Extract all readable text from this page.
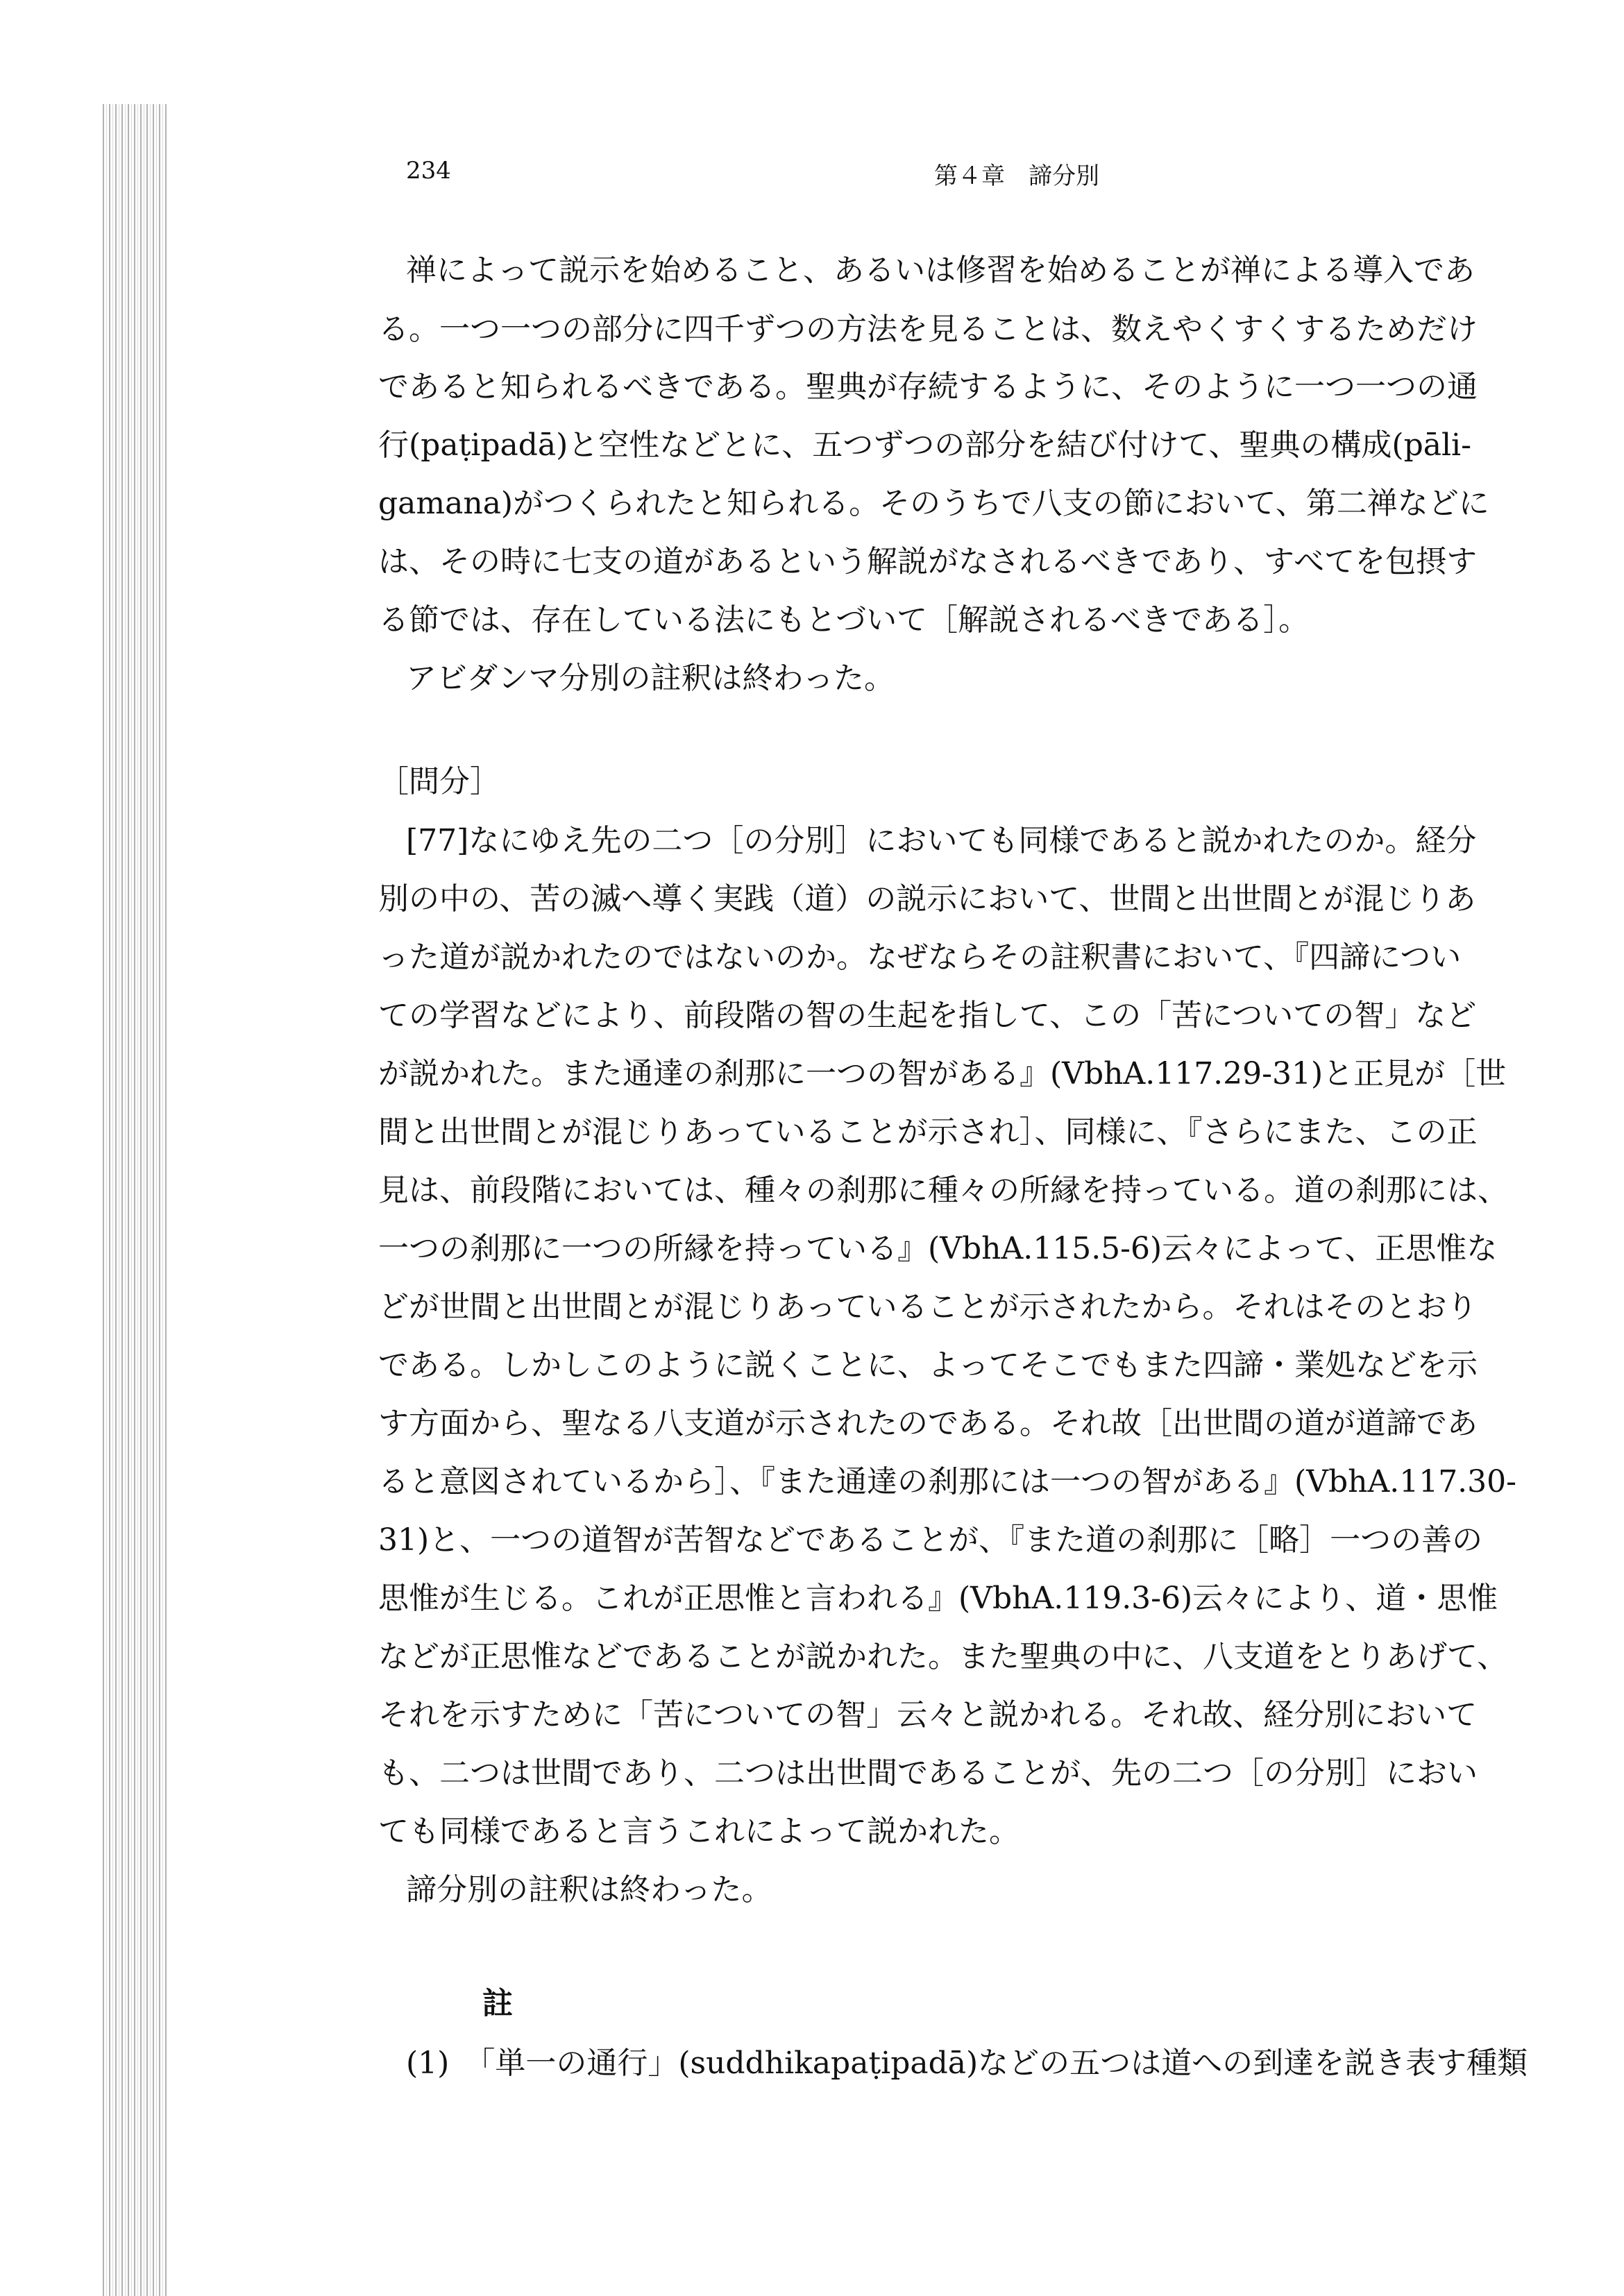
234	第４章　諦分別
禅によって説示を始めること、あるいは修習を始めることが禅による導入であ
る。一つ一つの部分に四千ずつの方法を見ることは、数えやくすくするためだけ
であると知られるべきである。聖典が存続するように、そのように一つ一つの通
行(paṭipadā)と空性などとに、五つずつの部分を結び付けて、聖典の構成(pāli-
gamana)がつくられたと知られる。そのうちで八支の節において、第二禅などに
は、その時に七支の道があるという解説がなされるべきであり、すべてを包摂す
る節では、存在している法にもとづいて［解説されるべきである］。
アビダンマ分別の註釈は終わった。
［問分］
[77]なにゆえ先の二つ［の分別］においても同様であると説かれたのか。経分
別の中の、苦の滅へ導く実践（道）の説示において、世間と出世間とが混じりあ
った道が説かれたのではないのか。なぜならその註釈書において、『四諦につい
ての学習などにより、前段階の智の生起を指して、この「苦についての智」など
が説かれた。また通達の刹那に一つの智がある』(VbhA.117.29-31)と正見が［世
間と出世間とが混じりあっていることが示され］、同様に、『さらにまた、この正
見は、前段階においては、種々の刹那に種々の所縁を持っている。道の刹那には、
一つの刹那に一つの所縁を持っている』(VbhA.115.5-6)云々によって、正思惟な
どが世間と出世間とが混じりあっていることが示されたから。それはそのとおり
である。しかしこのように説くことに、よってそこでもまた四諦・業処などを示
す方面から、聖なる八支道が示されたのである。それ故［出世間の道が道諦であ
ると意図されているから］、『また通達の刹那には一つの智がある』(VbhA.117.30-
31)と、一つの道智が苦智などであることが、『また道の刹那に［略］一つの善の
思惟が生じる。これが正思惟と言われる』(VbhA.119.3-6)云々により、道・思惟
などが正思惟などであることが説かれた。また聖典の中に、八支道をとりあげて、
それを示すために「苦についての智」云々と説かれる。それ故、経分別において
も、二つは世間であり、二つは出世間であることが、先の二つ［の分別］におい
ても同様であると言うこれによって説かれた。
諦分別の註釈は終わった。
註
(1)　「単一の通行」(suddhikapaṭipadā)などの五つは道への到達を説き表す種類
